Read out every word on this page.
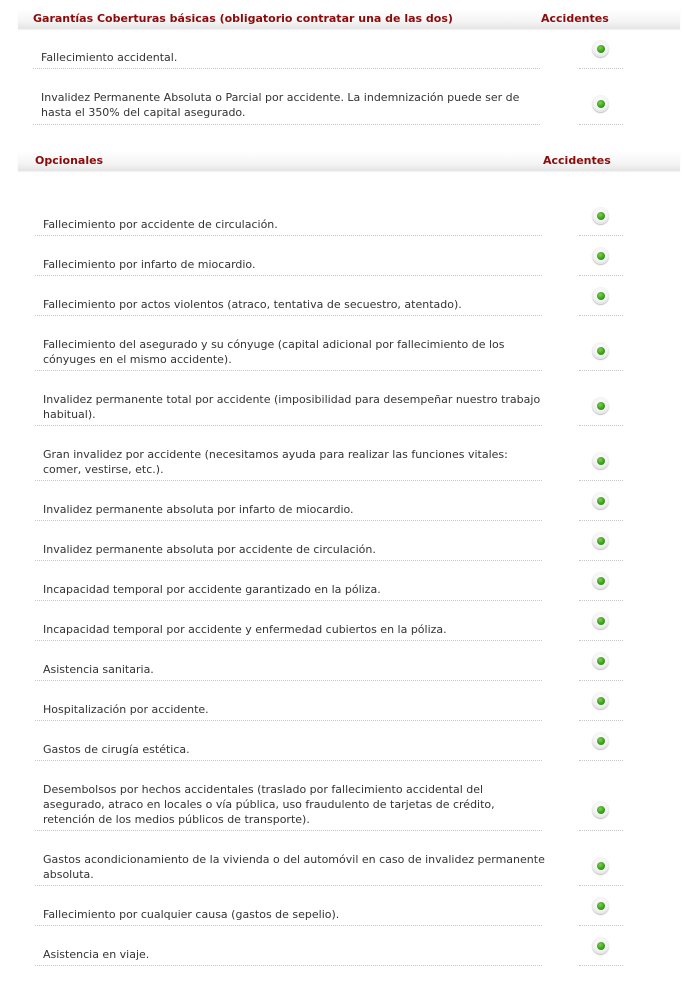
Garantías Coberturas básicas (obligatorio contratar una de las dos)	Accidentes
Fallecimiento accidental.
Invalidez Permanente Absoluta o Parcial por accidente. La indemnización puede ser de hasta el 350% del capital asegurado.
Opcionales	Accidentes
Fallecimiento por accidente de circulación.
Fallecimiento por infarto de miocardio.
Fallecimiento por actos violentos (atraco, tentativa de secuestro, atentado).
Fallecimiento del asegurado y su cónyuge (capital adicional por fallecimiento de los cónyuges en el mismo accidente).
Invalidez permanente total por accidente (imposibilidad para desempeñar nuestro trabajo habitual).
Gran invalidez por accidente (necesitamos ayuda para realizar las funciones vitales: comer, vestirse, etc.).
Invalidez permanente absoluta por infarto de miocardio.
Invalidez permanente absoluta por accidente de circulación.
Incapacidad temporal por accidente garantizado en la póliza.
Incapacidad temporal por accidente y enfermedad cubiertos en la póliza.
Asistencia sanitaria.
Hospitalización por accidente.
Gastos de cirugía estética.
Desembolsos por hechos accidentales (traslado por fallecimiento accidental del asegurado, atraco en locales o vía pública, uso fraudulento de tarjetas de crédito, retención de los medios públicos de transporte).
Gastos acondicionamiento de la vivienda o del automóvil en caso de invalidez permanente absoluta.
Fallecimiento por cualquier causa (gastos de sepelio).
Asistencia en viaje.
